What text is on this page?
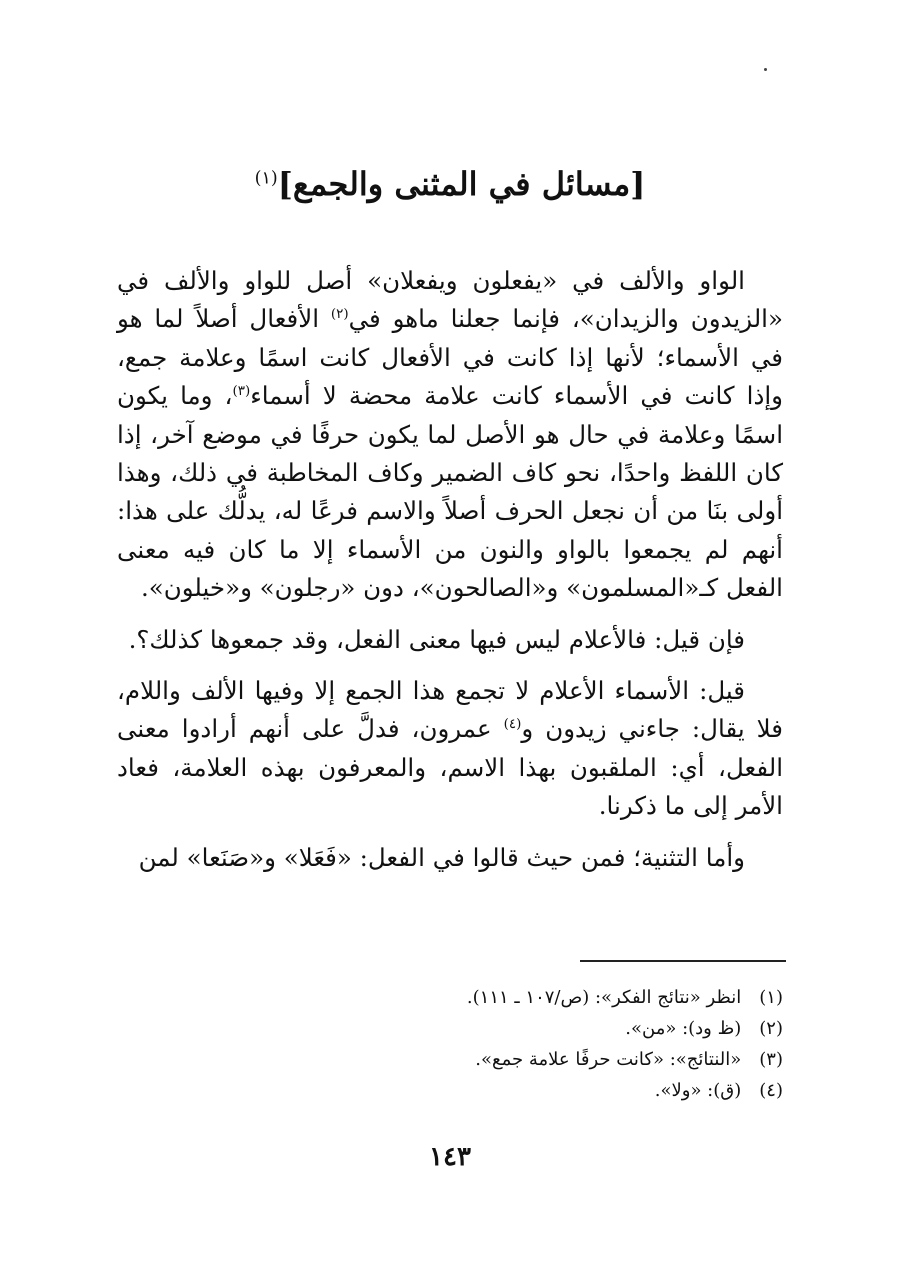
[مسائل في المثنى والجمع]$^{(١)}$

الواو والألف في «يفعلون ويفعلان» أصل للواو والألف في «الزيدون والزيدان»، فإنما جعلنا ماهو في$^{(٢)}$ الأفعال أصلاً لما هو في الأسماء؛ لأنها إذا كانت في الأفعال كانت اسمًا وعلامة جمع، وإذا كانت في الأسماء كانت علامة محضة لا أسماء$^{(٣)}$، وما يكون اسمًا وعلامة في حال هو الأصل لما يكون حرفًا في موضع آخر، إذا كان اللفظ واحدًا، نحو كاف الضمير وكاف المخاطبة في ذلك، وهذا أولى بنَا من أن نجعل الحرف أصلاً والاسم فرعًا له، يدلُّك على هذا: أنهم لم يجمعوا بالواو والنون من الأسماء إلا ما كان فيه معنى الفعل كـ«المسلمون» و«الصالحون»، دون «رجلون» و«خيلون».

فإن قيل: فالأعلام ليس فيها معنى الفعل، وقد جمعوها كذلك؟.

قيل: الأسماء الأعلام لا تجمع هذا الجمع إلا وفيها الألف واللام، فلا يقال: جاءني زيدون و$^{(٤)}$ عمرون، فدلَّ على أنهم أرادوا معنى الفعل، أي: الملقبون بهذا الاسم، والمعرفون بهذه العلامة، فعاد الأمر إلى ما ذكرنا.

وأما التثنية؛ فمن حيث قالوا في الفعل: «فَعَلا» و«صَنَعا» لمن

(١) انظر «نتائج الفكر»: (ص/١٠٧ ـ ١١١).
(٢) (ظ ود): «من».
(٣) «النتائج»: «كانت حرفًا علامة جمع».
(٤) (ق): «ولا».
١٤٣
